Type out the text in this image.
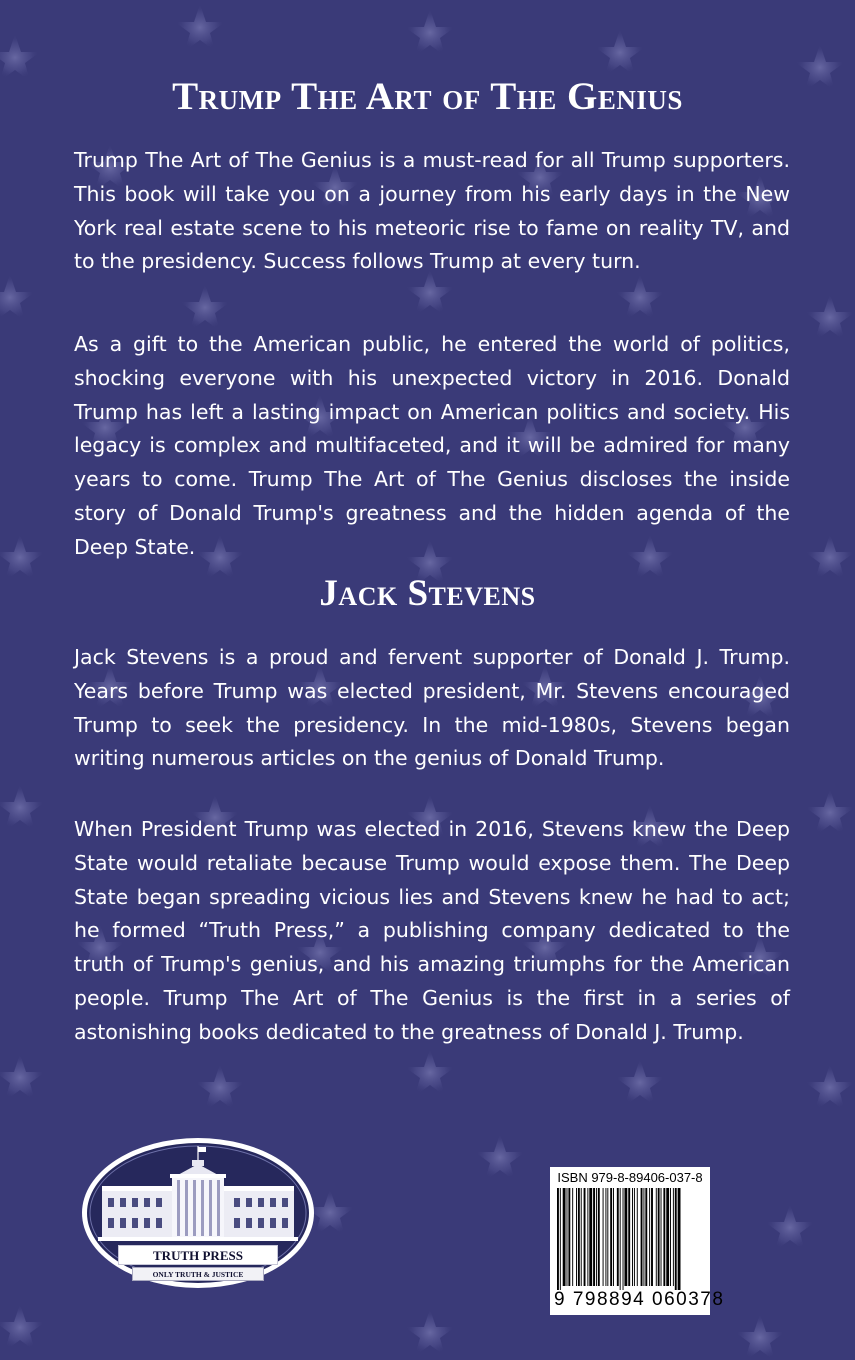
Trump The Art of The Genius

Trump The Art of The Genius is a must-read for all Trump supporters. This book will take you on a journey from his early days in the New York real estate scene to his meteoric rise to fame on reality TV, and to the presidency. Success follows Trump at every turn.

As a gift to the American public, he entered the world of politics, shocking everyone with his unexpected victory in 2016. Donald Trump has left a lasting impact on American politics and society. His legacy is complex and multifaceted, and it will be admired for many years to come. Trump The Art of The Genius discloses the inside story of Donald Trump's greatness and the hidden agenda of the Deep State.

Jack Stevens

Jack Stevens is a proud and fervent supporter of Donald J. Trump. Years before Trump was elected president, Mr. Stevens encouraged Trump to seek the presidency. In the mid-1980s, Stevens began writing numerous articles on the genius of Donald Trump.

When President Trump was elected in 2016, Stevens knew the Deep State would retaliate because Trump would expose them. The Deep State began spreading vicious lies and Stevens knew he had to act; he formed “Truth Press,” a publishing company dedicated to the truth of Trump's genius, and his amazing triumphs for the American people. Trump The Art of The Genius is the first in a series of astonishing books dedicated to the greatness of Donald J. Trump.

TRUTH PRESS
ONLY TRUTH & JUSTICE
ISBN 979-8-89406-037-8
9 798894 060378
